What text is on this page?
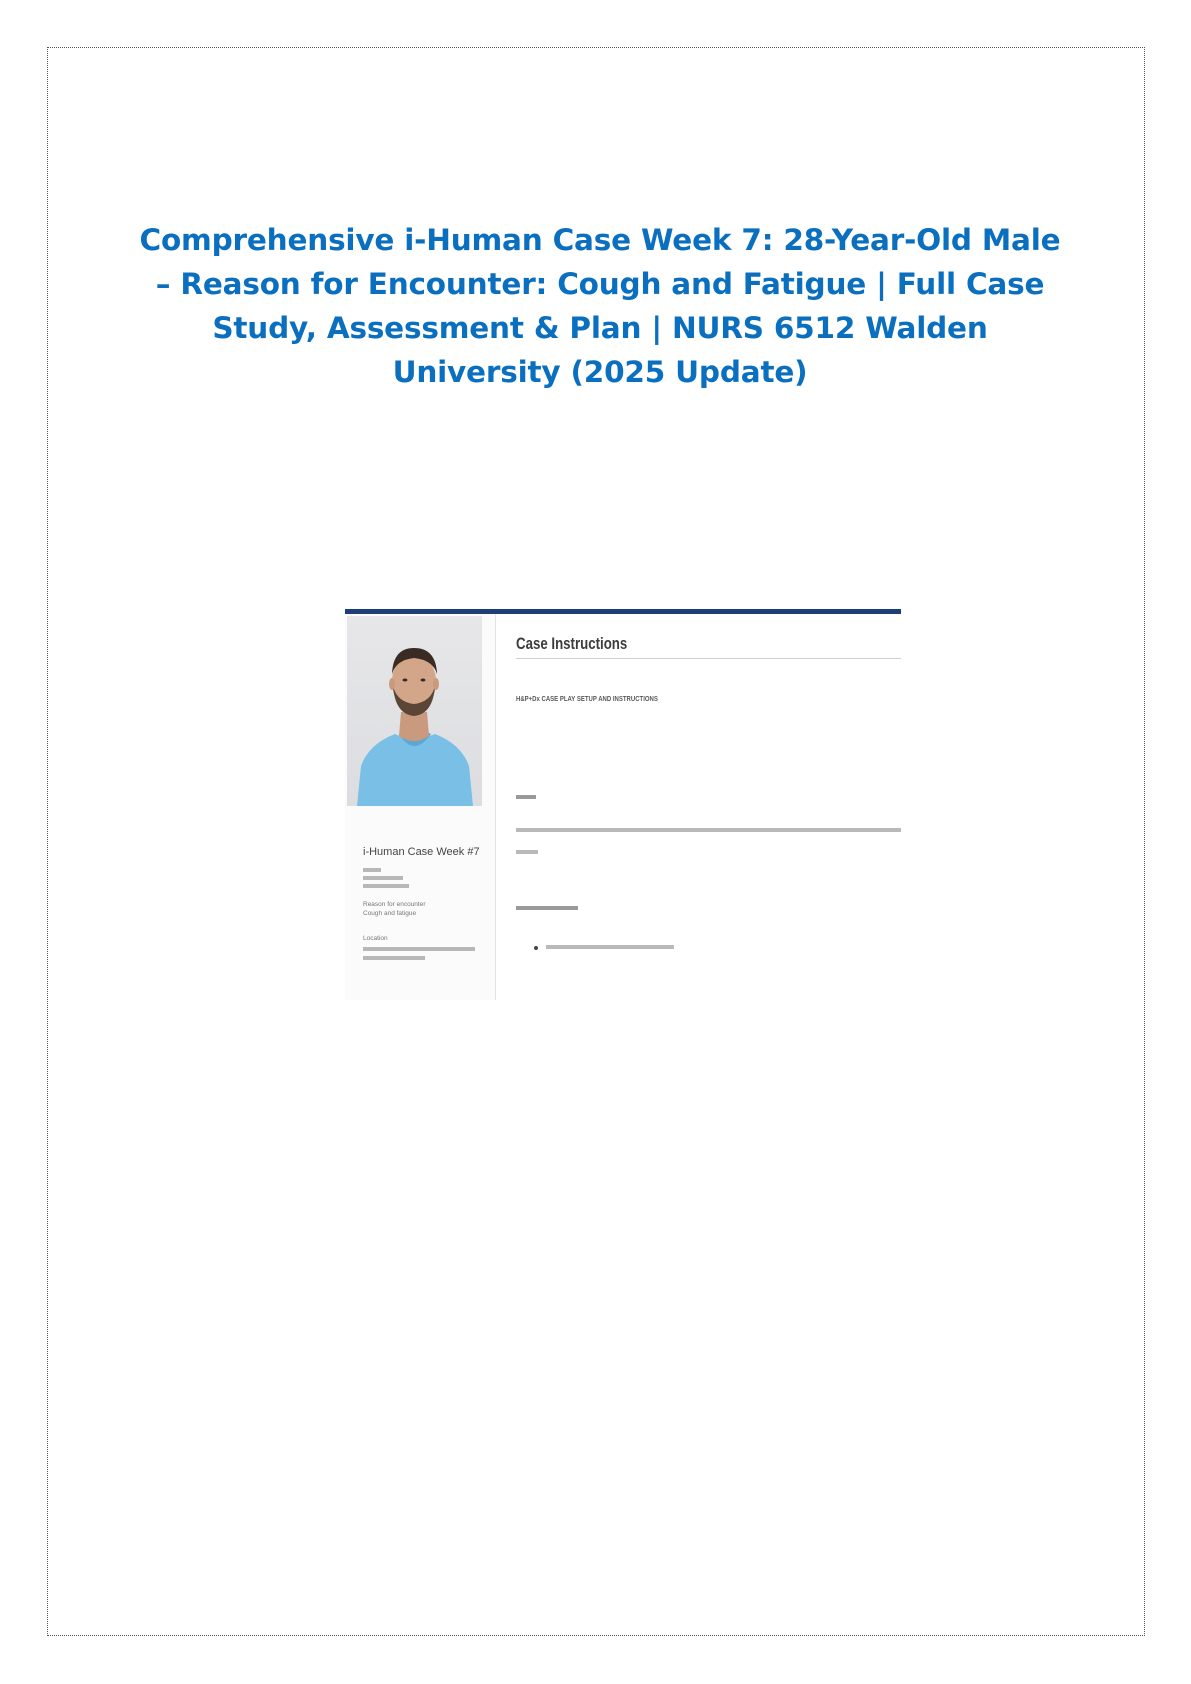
Comprehensive i-Human Case Week 7: 28-Year-Old Male – Reason for Encounter: Cough and Fatigue | Full Case Study, Assessment & Plan | NURS 6512 Walden University (2025 Update)
i-Human Case Week #7
Reason for encounter
Cough and fatigue
Location
Case Instructions
H&P+Dx CASE PLAY SETUP AND INSTRUCTIONS
